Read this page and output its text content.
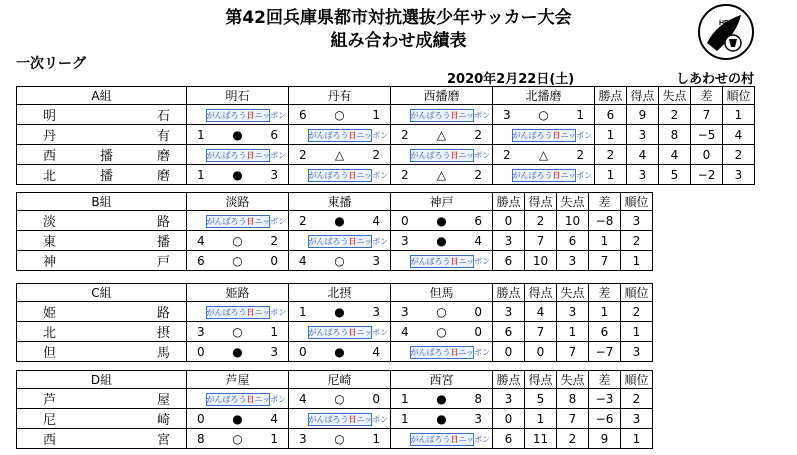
第42回兵庫県都市対抗選抜少年サッカー大会
組み合わせ成績表
一次リーグ
2020年2月22日(土)	しあわせの村
HFA
A組	明石	丹有	西播磨	北播磨	勝点	得点	失点	差	順位
明　　　石	がんばろう日ニッポン	6 ○ 1	がんばろう日ニッポン	3 ○ 1	6	9	2	7	1
丹　　　有	1 ● 6	がんばろう日ニッポン	2 △ 2	がんばろう日ニッポン	1	3	8	−5	4
西　播　磨	がんばろう日ニッポン	2 △ 2	がんばろう日ニッポン	2 △ 2	2	4	4	0	2
北　播　磨	1 ● 3	がんばろう日ニッポン	2 △ 2	がんばろう日ニッポン	1	3	5	−2	3
B組	淡路	東播	神戸	勝点	得点	失点	差	順位
淡　　　路	がんばろう日ニッポン	2 ● 4	0 ● 6	0	2	10	−8	3
東　　　播	4 ○ 2	がんばろう日ニッポン	3 ● 4	3	7	6	1	2
神　　　戸	6 ○ 0	4 ○ 3	がんばろう日ニッポン	6	10	3	7	1
C組	姫路	北摂	但馬	勝点	得点	失点	差	順位
姫　　　路	がんばろう日ニッポン	1 ● 3	3 ○ 0	3	4	3	1	2
北　　　摂	3 ○ 1	がんばろう日ニッポン	4 ○ 0	6	7	1	6	1
但　　　馬	0 ● 3	0 ● 4	がんばろう日ニッポン	0	0	7	−7	3
D組	芦屋	尼崎	西宮	勝点	得点	失点	差	順位
芦　　　屋	がんばろう日ニッポン	4 ○ 0	1 ● 8	3	5	8	−3	2
尼　　　崎	0 ● 4	がんばろう日ニッポン	1 ● 3	0	1	7	−6	3
西　　　宮	8 ○ 1	3 ○ 1	がんばろう日ニッポン	6	11	2	9	1
